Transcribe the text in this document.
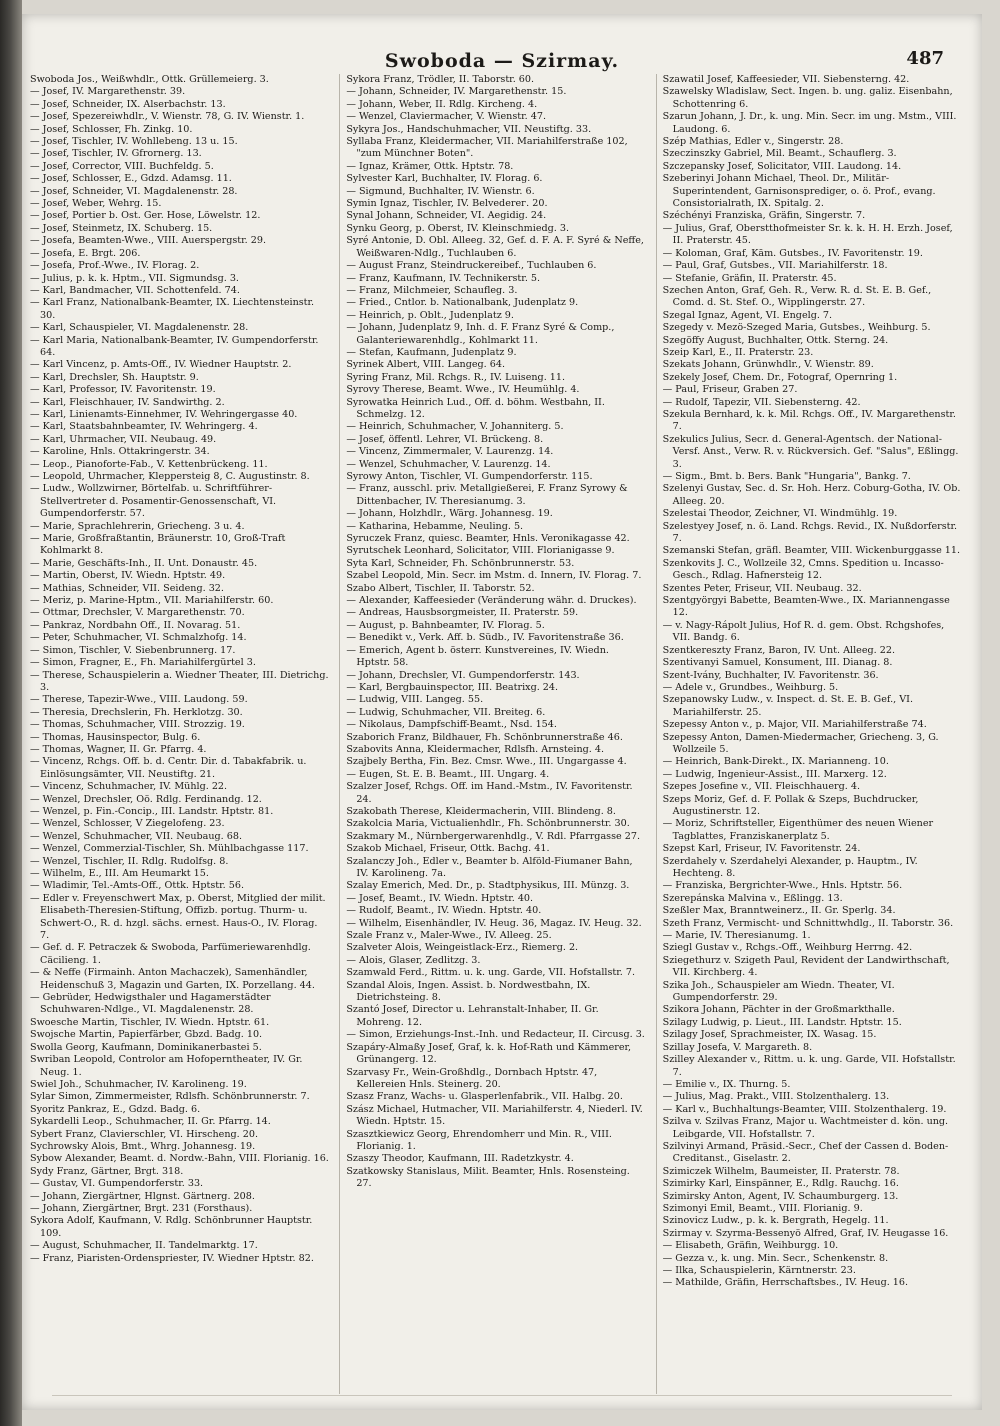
Swoboda — Szirmay.	487

Swoboda Jos., Weißwhdlr., Ottk. Grüllemeierg. 3.

— Josef, IV. Margarethenstr. 39.

— Josef, Schneider, IX. Alserbachstr. 13.

— Josef, Spezereiwhdlr., V. Wienstr. 78, G. IV. Wienstr. 1.

— Josef, Schlosser, Fh. Zinkg. 10.

— Josef, Tischler, IV. Wohllebeng. 13 u. 15.

— Josef, Tischler, IV. Gfrornerg. 13.

— Josef, Corrector, VIII. Buchfeldg. 5.

— Josef, Schlosser, E., Gdzd. Adamsg. 11.

— Josef, Schneider, VI. Magdalenenstr. 28.

— Josef, Weber, Wehrg. 15.

— Josef, Portier b. Ost. Ger. Hose, Löwelstr. 12.

— Josef, Steinmetz, IX. Schuberg. 15.

— Josefa, Beamten-Wwe., VIII. Auerspergstr. 29.

— Josefa, E. Brgt. 206.

— Josefa, Prof.-Wwe., IV. Florag. 2.

— Julius, p. k. k. Hptm., VII. Sigmundsg. 3.

— Karl, Bandmacher, VII. Schottenfeld. 74.

— Karl Franz, Nationalbank-Beamter, IX. Liechtensteinstr. 30.

— Karl, Schauspieler, VI. Magdalenenstr. 28.

— Karl Maria, Nationalbank-Beamter, IV. Gumpendorferstr. 64.

— Karl Vincenz, p. Amts-Off., IV. Wiedner Hauptstr. 2.

— Karl, Drechsler, Sh. Hauptstr. 9.

— Karl, Professor, IV. Favoritenstr. 19.

— Karl, Fleischhauer, IV. Sandwirthg. 2.

— Karl, Linienamts-Einnehmer, IV. Wehringergasse 40.

— Karl, Staatsbahnbeamter, IV. Wehringerg. 4.

— Karl, Uhrmacher, VII. Neubaug. 49.

— Karoline, Hnls. Ottakringerstr. 34.

— Leop., Pianoforte-Fab., V. Kettenbrückeng. 11.

— Leopold, Uhrmacher, Kleppersteig 8, C. Augustinstr. 8.

— Ludw., Wollzwirner, Börtelfab. u. Schriftführer-Stellvertreter d. Posamentir-Genossenschaft, VI. Gumpendorferstr. 57.

— Marie, Sprachlehrerin, Griecheng. 3 u. 4.

— Marie, Großfraßtantin, Bräunerstr. 10, Groß-Traft Kohlmarkt 8.

— Marie, Geschäfts-Inh., II. Unt. Donaustr. 45.

— Martin, Oberst, IV. Wiedn. Hptstr. 49.

— Mathias, Schneider, VII. Seideng. 32.

— Meriz, p. Marine-Hptm., VII. Mariahilferstr. 60.

— Ottmar, Drechsler, V. Margarethenstr. 70.

— Pankraz, Nordbahn Off., II. Novarag. 51.

— Peter, Schuhmacher, VI. Schmalzhofg. 14.

— Simon, Tischler, V. Siebenbrunnerg. 17.

— Simon, Fragner, E., Fh. Mariahilfergürtel 3.

— Therese, Schauspielerin a. Wiedner Theater, III. Dietrichg. 3.

— Therese, Tapezir-Wwe., VIII. Laudong. 59.

— Theresia, Drechslerin, Fh. Herklotzg. 30.

— Thomas, Schuhmacher, VIII. Strozzig. 19.

— Thomas, Hausinspector, Bulg. 6.

— Thomas, Wagner, II. Gr. Pfarrg. 4.

— Vincenz, Rchgs. Off. b. d. Centr. Dir. d. Tabakfabrik. u. Einlösungsämter, VII. Neustiftg. 21.

— Vincenz, Schuhmacher, IV. Mühlg. 22.

— Wenzel, Drechsler, Oö. Rdlg. Ferdinandg. 12.

— Wenzel, p. Fin.-Concip., III. Landstr. Hptstr. 81.

— Wenzel, Schlosser, V Ziegelofeng. 23.

— Wenzel, Schuhmacher, VII. Neubaug. 68.

— Wenzel, Commerzial-Tischler, Sh. Mühlbachgasse 117.

— Wenzel, Tischler, II. Rdlg. Rudolfsg. 8.

— Wilhelm, E., III. Am Heumarkt 15.

— Wladimir, Tel.-Amts-Off., Ottk. Hptstr. 56.

— Edler v. Freyenschwert Max, p. Oberst, Mitglied der milit. Elisabeth-Theresien-Stiftung, Offizb. portug. Thurm- u. Schwert-O., R. d. hzgl. sächs. ernest. Haus-O., IV. Florag. 7.

— Gef. d. F. Petraczek & Swoboda, Parfümeriewarenhdlg. Cäcilieng. 1.

— & Neffe (Firmainh. Anton Machaczek), Samenhändler, Heidenschuß 3, Magazin und Garten, IX. Porzellang. 44.

— Gebrüder, Hedwigsthaler und Hagamerstädter Schuhwaren-Ndlge., VI. Magdalenenstr. 28.

Swoesche Martin, Tischler, IV. Wiedn. Hptstr. 61.

Swojsche Martin, Papierfärber, Gbzd. Badg. 10.

Swolla Georg, Kaufmann, Dominikanerbastei 5.

Swriban Leopold, Controlor am Hofoperntheater, IV. Gr. Neug. 1.

Swiel Joh., Schuhmacher, IV. Karolineng. 19.

Sylar Simon, Zimmermeister, Rdlsfh. Schönbrunnerstr. 7.

Syoritz Pankraz, E., Gdzd. Badg. 6.

Sykardelli Leop., Schuhmacher, II. Gr. Pfarrg. 14.

Sybert Franz, Clavierschler, VI. Hirscheng. 20.

Sychrowsky Alois, Bmt., Whrg. Johannesg. 19.

Sybow Alexander, Beamt. d. Nordw.-Bahn, VIII. Florianig. 16.

Sydy Franz, Gärtner, Brgt. 318.

— Gustav, VI. Gumpendorferstr. 33.

— Johann, Ziergärtner, Hlgnst. Gärtnerg. 208.

— Johann, Ziergärtner, Brgt. 231 (Forsthaus).

Sykora Adolf, Kaufmann, V. Rdlg. Schönbrunner Hauptstr. 109.

— August, Schuhmacher, II. Tandelmarktg. 17.

— Franz, Piaristen-Ordenspriester, IV. Wiedner Hptstr. 82.

Sykora Franz, Trödler, II. Taborstr. 60.

— Johann, Schneider, IV. Margarethenstr. 15.

— Johann, Weber, II. Rdlg. Kircheng. 4.

— Wenzel, Claviermacher, V. Wienstr. 47.

Sykyra Jos., Handschuhmacher, VII. Neustiftg. 33.

Syllaba Franz, Kleidermacher, VII. Mariahilferstraße 102, "zum Münchner Boten".

— Ignaz, Krämer, Ottk. Hptstr. 78.

Sylvester Karl, Buchhalter, IV. Florag. 6.

— Sigmund, Buchhalter, IV. Wienstr. 6.

Symin Ignaz, Tischler, IV. Belvederег. 20.

Synal Johann, Schneider, VI. Aegidig. 24.

Synku Georg, p. Oberst, IV. Kleinschmiedg. 3.

Syré Antonie, D. Obl. Alleeg. 32, Gef. d. F. A. F. Syré & Neffe, Weißwaren-Ndlg., Tuchlauben 6.

— August Franz, Steindruckereibef., Tuchlauben 6.

— Franz, Kaufmann, IV. Technikerstr. 5.

— Franz, Milchmeier, Schaufleg. 3.

— Fried., Cntlor. b. Nationalbank, Judenplatz 9.

— Heinrich, p. Oblt., Judenplatz 9.

— Johann, Judenplatz 9, Inh. d. F. Franz Syré & Comp., Galanteriewarenhdlg., Kohlmarkt 11.

— Stefan, Kaufmann, Judenplatz 9.

Syrinek Albert, VIII. Langeg. 64.

Syring Franz, Mil. Rchgs. R., IV. Luiseng. 11.

Syrovy Therese, Beamt. Wwe., IV. Heumühlg. 4.

Syrowatka Heinrich Lud., Off. d. böhm. Westbahn, II. Schmelzg. 12.

— Heinrich, Schuhmacher, V. Johanniterg. 5.

— Josef, öffentl. Lehrer, VI. Brückeng. 8.

— Vincenz, Zimmermaler, V. Laurenzg. 14.

— Wenzel, Schuhmacher, V. Laurenzg. 14.

Syrowy Anton, Tischler, VI. Gumpendorferstr. 115.

— Franz, ausschl. priv. Metallgießerei, F. Franz Syrowy & Dittenbacher, IV. Theresianumg. 3.

— Johann, Holzhdlr., Wärg. Johannesg. 19.

— Katharina, Hebamme, Neuling. 5.

Syruczek Franz, quiesc. Beamter, Hnls. Veronikagasse 42.

Syrutschek Leonhard, Solicitator, VIII. Florianigasse 9.

Syta Karl, Schneider, Fh. Schönbrunnerstr. 53.

Szabel Leopold, Min. Secr. im Mstm. d. Innern, IV. Florag. 7.

Szabo Albert, Tischler, II. Taborstr. 52.

— Alexander, Kaffeesieder (Veränderung währ. d. Druckes).

— Andreas, Hausbsorgmeister, II. Praterstr. 59.

— August, p. Bahnbeamter, IV. Florag. 5.

— Benedikt v., Verk. Aff. b. Südb., IV. Favoritenstraße 36.

— Emerich, Agent b. österr. Kunstvereines, IV. Wiedn. Hptstr. 58.

— Johann, Drechsler, VI. Gumpendorferstr. 143.

— Karl, Bergbauinspector, III. Beatrixg. 24.

— Ludwig, VIII. Langeg. 55.

— Ludwig, Schuhmacher, VII. Breiteg. 6.

— Nikolaus, Dampfschiff-Beamt., Nsd. 154.

Szaborich Franz, Bildhauer, Fh. Schönbrunnerstraße 46.

Szabovits Anna, Kleidermacher, Rdlsfh. Arnsteing. 4.

Szajbely Bertha, Fin. Bez. Cmsr. Wwe., III. Ungargasse 4.

— Eugen, St. E. B. Beamt., III. Ungarg. 4.

Szalzer Josef, Rchgs. Off. im Hand.-Mstm., IV. Favoritenstr. 24.

Szakobath Therese, Kleidermacherin, VIII. Blindeng. 8.

Szakolcia Maria, Victualienhdlr., Fh. Schönbrunnerstr. 30.

Szakmary M., Nürnbergerwarenhdlg., V. Rdl. Pfarrgasse 27.

Szakob Michael, Friseur, Ottk. Bachg. 41.

Szalanczy Joh., Edler v., Beamter b. Alföld-Fiumaner Bahn, IV. Karolineng. 7a.

Szalay Emerich, Med. Dr., p. Stadtphysikus, III. Münzg. 3.

— Josef, Beamt., IV. Wiedn. Hptstr. 40.

— Rudolf, Beamt., IV. Wiedn. Hptstr. 40.

— Wilhelm, Eisenhändler, IV. Heug. 36, Magaz. IV. Heug. 32.

Szale Franz v., Maler-Wwe., IV. Alleeg. 25.

Szalveter Alois, Weingeistlack-Erz., Riemerg. 2.

— Alois, Glaser, Zedlitzg. 3.

Szamwald Ferd., Rittm. u. k. ung. Garde, VII. Hofstallstr. 7.

Szandal Alois, Ingen. Assist. b. Nordwestbahn, IX. Dietrichsteing. 8.

Szantó Josef, Director u. Lehranstalt-Inhaber, II. Gr. Mohreng. 12.

— Simon, Erziehungs-Inst.-Inh. und Redacteur, II. Circusg. 3.

Szapáry-Almaßy Josef, Graf, k. k. Hof-Rath und Kämmerer, Grünangerg. 12.

Szarvasy Fr., Wein-Großhdlg., Dornbach Hptstr. 47, Kellereien Hnls. Steinerg. 20.

Szasz Franz, Wachs- u. Glasperlenfabrik., VII. Halbg. 20.

Szász Michael, Hutmacher, VII. Mariahilferstr. 4, Niederl. IV. Wiedn. Hptstr. 15.

Szasztkiewicz Georg, Ehrendomherr und Min. R., VIII. Florianig. 1.

Szaszy Theodor, Kaufmann, III. Radetzkystr. 4.

Szatkowsky Stanislaus, Milit. Beamter, Hnls. Rosensteing. 27.

Szawatil Josef, Kaffeesieder, VII. Siebensterng. 42.

Szawelsky Wladislaw, Sect. Ingen. b. ung. galiz. Eisenbahn, Schottenring 6.

Szarun Johann, J. Dr., k. ung. Min. Secr. im ung. Mstm., VIII. Laudong. 6.

Szép Mathias, Edler v., Singerstr. 28.

Szeczinszky Gabriel, Mil. Beamt., Schauflerg. 3.

Szczepansky Josef, Solicitator, VIII. Laudong. 14.

Szeberinyi Johann Michael, Theol. Dr., Militär-Superintendent, Garnisonsprediger, o. ö. Prof., evang. Consistorialrath, IX. Spitalg. 2.

Széchényi Franziska, Gräfin, Singerstr. 7.

— Julius, Graf, Oberstthofmeister Sr. k. k. H. H. Erzh. Josef, II. Praterstr. 45.

— Koloman, Graf, Kām. Gutsbes., IV. Favoritenstr. 19.

— Paul, Graf, Gutsbes., VII. Mariahilferstr. 18.

— Stefanie, Gräfin, II. Praterstr. 45.

Szechen Anton, Graf, Geh. R., Verw. R. d. St. E. B. Gef., Comd. d. St. Stef. O., Wipplingerstr. 27.

Szegal Ignaz, Agent, VI. Engelg. 7.

Szegedy v. Mezö-Szeged Maria, Gutsbes., Weihburg. 5.

Szegöffy August, Buchhalter, Ottk. Sterng. 24.

Szeip Karl, E., II. Praterstr. 23.

Szekats Johann, Grünwhdlr., V. Wienstr. 89.

Szekely Josef, Chem. Dr., Fotograf, Opernring 1.

— Paul, Friseur, Graben 27.

— Rudolf, Tapezir, VII. Siebensterng. 42.

Szekula Bernhard, k. k. Mil. Rchgs. Off., IV. Margarethenstr. 7.

Szekulics Julius, Secr. d. General-Agentsch. der National-Versf. Anst., Verw. R. v. Rückversich. Gef. "Salus", Eßlingg. 3.

— Sigm., Bmt. b. Bers. Bank "Hungaria", Bankg. 7.

Szelenyi Gustav, Sec. d. Sr. Hoh. Herz. Coburg-Gotha, IV. Ob. Alleeg. 20.

Szelestai Theodor, Zeichner, VI. Windmühlg. 19.

Szelestyey Josef, n. ö. Land. Rchgs. Revid., IX. Nußdorferstr. 7.

Szemanski Stefan, gräfl. Beamter, VIII. Wickenburggasse 11.

Szenkovits J. C., Wollzeile 32, Cmns. Spedition u. Incasso-Gesch., Rdlag. Hafnersteig 12.

Szentes Peter, Friseur, VII. Neubaug. 32.

Szentgyörgyi Babette, Beamten-Wwe., IX. Mariannengasse 12.

— v. Nagy-Rápolt Julius, Hof R. d. gem. Obst. Rchgshofes, VII. Bandg. 6.

Szentkereszty Franz, Baron, IV. Unt. Alleeg. 22.

Szentivanyi Samuel, Konsument, III. Dianag. 8.

Szent-Ivány, Buchhalter, IV. Favoritenstr. 36.

— Adele v., Grundbes., Weihburg. 5.

Szepanowsky Ludw., v. Inspect. d. St. E. B. Gef., VI. Mariahilferstr. 25.

Szepessy Anton v., p. Major, VII. Mariahilferstraße 74.

Szepessy Anton, Damen-Miedermacher, Griecheng. 3, G. Wollzeile 5.

— Heinrich, Bank-Direkt., IX. Marianneng. 10.

— Ludwig, Ingenieur-Assist., III. Marxerg. 12.

Szepes Josefine v., VII. Fleischhauerg. 4.

Szeps Moriz, Gef. d. F. Pollak & Szeps, Buchdrucker, Augustinerstr. 12.

— Moriz, Schriftsteller, Eigenthümer des neuen Wiener Tagblattes, Franziskanerplatz 5.

Szepst Karl, Friseur, IV. Favoritenstr. 24.

Szerdahely v. Szerdahelyi Alexander, p. Hauptm., IV. Hechteng. 8.

— Franziska, Bergrichter-Wwe., Hnls. Hptstr. 56.

Szerepánska Malvina v., Eßlingg. 13.

Szeßler Max, Branntweinerz., II. Gr. Sperlg. 34.

Szeth Franz, Vermischt- und Schnittwhdlg., II. Taborstr. 36.

— Marie, IV. Theresianumg. 1.

Sziegl Gustav v., Rchgs.-Off., Weihburg Herrng. 42.

Sziegethurz v. Szigeth Paul, Revident der Landwirthschaft, VII. Kirchberg. 4.

Szika Joh., Schauspieler am Wiedn. Theater, VI. Gumpendorferstr. 29.

Szikora Johann, Pächter in der Großmarkthalle.

Szilagy Ludwig, p. Lieut., III. Landstr. Hptstr. 15.

Szilagy Josef, Sprachmeister, IX. Wasag. 15.

Szillay Josefa, V. Margareth. 8.

Szilley Alexander v., Rittm. u. k. ung. Garde, VII. Hofstallstr. 7.

— Emilie v., IX. Thurng. 5.

— Julius, Mag. Prakt., VIII. Stolzenthalerg. 13.

— Karl v., Buchhaltungs-Beamter, VIII. Stolzenthalerg. 19.

Szilva v. Szilvas Franz, Major u. Wachtmeister d. kön. ung. Leibgarde, VII. Hofstallstr. 7.

Szilvinyi Armand, Präsid.-Secr., Chef der Cassen d. Boden-Creditanst., Giselastr. 2.

Szimiczek Wilhelm, Baumeister, II. Praterstr. 78.

Szimirky Karl, Einspänner, E., Rdlg. Rauchg. 16.

Szimirsky Anton, Agent, IV. Schaumburgerg. 13.

Szimonyi Emil, Beamt., VIII. Florianig. 9.

Szinovicz Ludw., p. k. k. Bergrath, Hegelg. 11.

Szirmay v. Szyrma-Bessenyö Alfred, Graf, IV. Heugasse 16.

— Elisabeth, Gräfin, Weihburgg. 10.

— Gezza v., k. ung. Min. Secr., Schenkenstr. 8.

— Ilka, Schauspielerin, Kärntnerstr. 23.

— Mathilde, Gräfin, Herrschaftsbes., IV. Heug. 16.
